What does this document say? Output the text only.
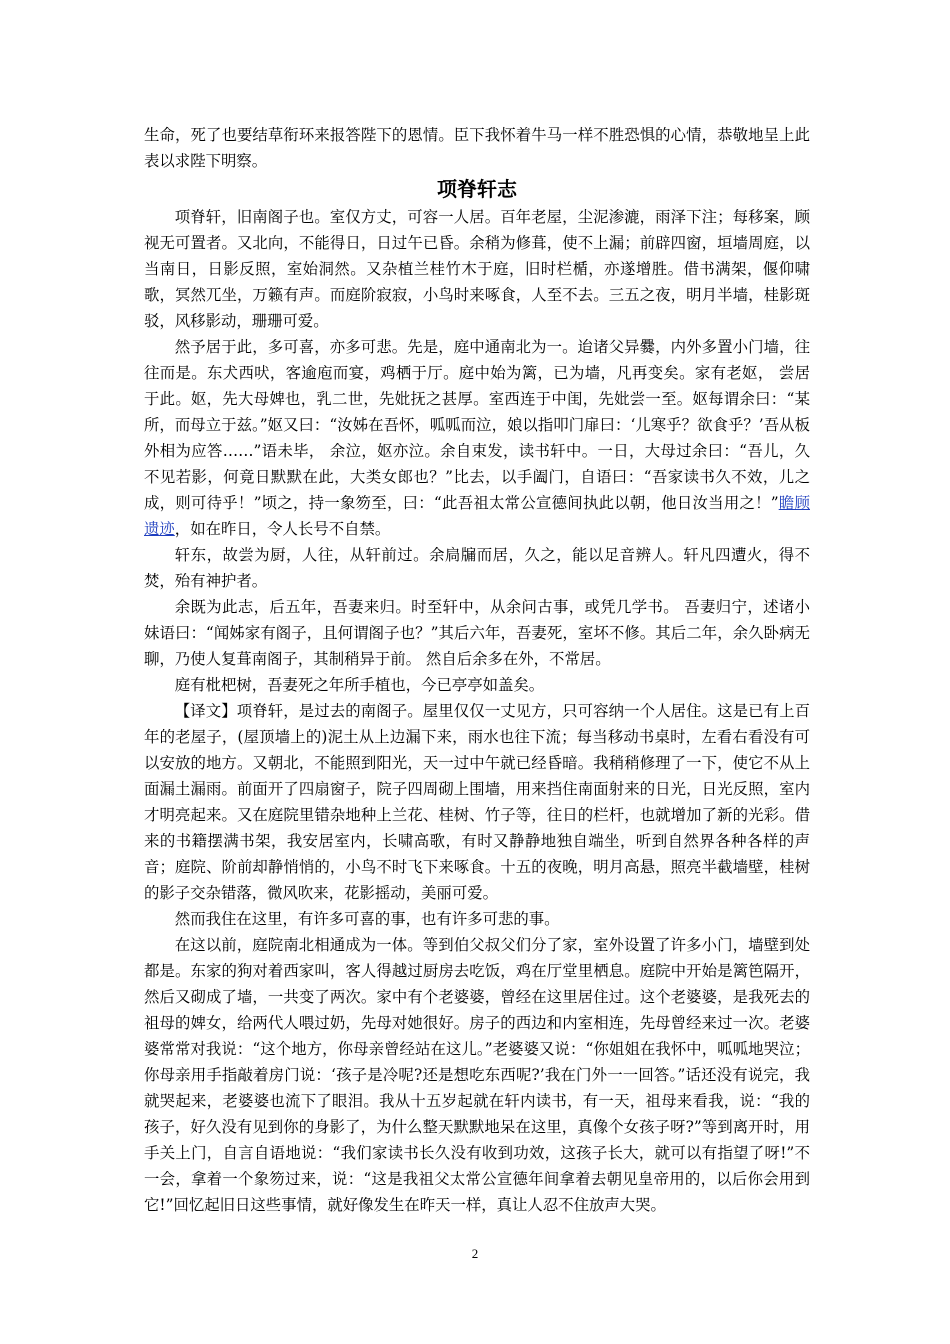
生命，死了也要结草衔环来报答陛下的恩情。臣下我怀着牛马一样不胜恐惧的心情，恭敬地呈上此表以求陛下明察。

项脊轩志

项脊轩，旧南阁子也。室仅方丈，可容一人居。百年老屋，尘泥渗漉，雨泽下注；每移案，顾视无可置者。又北向，不能得日，日过午已昏。余稍为修葺，使不上漏；前辟四窗，垣墙周庭，以当南日，日影反照，室始洞然。又杂植兰桂竹木于庭，旧时栏楯，亦遂增胜。借书满架，偃仰啸歌，冥然兀坐，万籁有声。而庭阶寂寂，小鸟时来啄食，人至不去。三五之夜，明月半墙，桂影斑驳，风移影动，珊珊可爱。

然予居于此，多可喜，亦多可悲。先是，庭中通南北为一。迨诸父异爨，内外多置小门墙，往往而是。东犬西吠，客逾庖而宴，鸡栖于厅。庭中始为篱，已为墙，凡再变矣。家有老妪， 尝居于此。妪，先大母婢也，乳二世，先妣抚之甚厚。室西连于中闺，先妣尝一至。妪每谓余曰：“某所，而母立于兹。”妪又曰：“汝姊在吾怀，呱呱而泣，娘以指叩门扉曰：‘儿寒乎？欲食乎？’吾从板外相为应答……”语未毕， 余泣，妪亦泣。余自束发，读书轩中。一日，大母过余曰：“吾儿，久不见若影，何竟日默默在此，大类女郎也？”比去，以手阖门，自语曰：“吾家读书久不效，儿之成，则可待乎！”顷之，持一象笏至，曰：“此吾祖太常公宣德间执此以朝，他日汝当用之！”瞻顾遗迹，如在昨日，令人长号不自禁。

轩东，故尝为厨，人往，从轩前过。余扃牖而居，久之，能以足音辨人。轩凡四遭火，得不焚，殆有神护者。

余既为此志，后五年，吾妻来归。时至轩中，从余问古事，或凭几学书。 吾妻归宁，述诸小妹语曰：“闻姊家有阁子，且何谓阁子也？”其后六年，吾妻死，室坏不修。其后二年，余久卧病无聊，乃使人复葺南阁子，其制稍异于前。 然自后余多在外，不常居。

庭有枇杷树，吾妻死之年所手植也，今已亭亭如盖矣。

【译文】项脊轩，是过去的南阁子。屋里仅仅一丈见方，只可容纳一个人居住。这是已有上百年的老屋子，(屋顶墙上的)泥土从上边漏下来，雨水也往下流；每当移动书桌时，左看右看没有可以安放的地方。又朝北，不能照到阳光，天一过中午就已经昏暗。我稍稍修理了一下，使它不从上面漏土漏雨。前面开了四扇窗子，院子四周砌上围墙，用来挡住南面射来的日光，日光反照，室内才明亮起来。又在庭院里错杂地种上兰花、桂树、竹子等，往日的栏杆，也就增加了新的光彩。借来的书籍摆满书架，我安居室内，长啸高歌，有时又静静地独自端坐，听到自然界各种各样的声音；庭院、阶前却静悄悄的，小鸟不时飞下来啄食。十五的夜晚，明月高悬，照亮半截墙壁，桂树的影子交杂错落，微风吹来，花影摇动，美丽可爱。

然而我住在这里，有许多可喜的事，也有许多可悲的事。

在这以前，庭院南北相通成为一体。等到伯父叔父们分了家，室外设置了许多小门，墙壁到处都是。东家的狗对着西家叫，客人得越过厨房去吃饭，鸡在厅堂里栖息。庭院中开始是篱笆隔开，然后又砌成了墙，一共变了两次。家中有个老婆婆，曾经在这里居住过。这个老婆婆，是我死去的祖母的婢女，给两代人喂过奶，先母对她很好。房子的西边和内室相连，先母曾经来过一次。老婆婆常常对我说：“这个地方，你母亲曾经站在这儿。”老婆婆又说：“你姐姐在我怀中，呱呱地哭泣；你母亲用手指敲着房门说：‘孩子是冷呢?还是想吃东西呢?’我在门外一一回答。”话还没有说完，我就哭起来，老婆婆也流下了眼泪。我从十五岁起就在轩内读书，有一天，祖母来看我，说：“我的孩子，好久没有见到你的身影了，为什么整天默默地呆在这里，真像个女孩子呀?”等到离开时，用手关上门，自言自语地说：“我们家读书长久没有收到功效，这孩子长大，就可以有指望了呀!”不一会，拿着一个象笏过来，说：“这是我祖父太常公宣德年间拿着去朝见皇帝用的，以后你会用到它!”回忆起旧日这些事情，就好像发生在昨天一样，真让人忍不住放声大哭。

2
